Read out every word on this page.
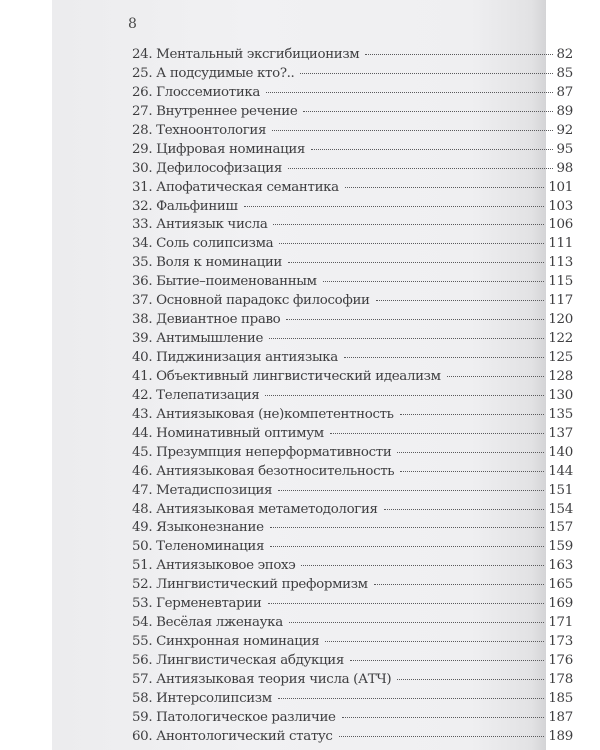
8
24. Ментальный эксгибиционизм	82
25. А подсудимые кто?..	85
26. Глоссемиотика	87
27. Внутреннее речение	89
28. Техноонтология	92
29. Цифровая номинация	95
30. Дефилософизация	98
31. Апофатическая семантика	101
32. Фальфиниш	103
33. Антиязык числа	106
34. Соль солипсизма	111
35. Воля к номинации	113
36. Бытие–поименованным	115
37. Основной парадокс философии	117
38. Девиантное право	120
39. Антимышление	122
40. Пиджинизация антиязыка	125
41. Объективный лингвистический идеализм	128
42. Телепатизация	130
43. Антиязыковая (не)компетентность	135
44. Номинативный оптимум	137
45. Презумпция неперформативности	140
46. Антиязыковая безотносительность	144
47. Метадиспозиция	151
48. Антиязыковая метаметодология	154
49. Языконезнание	157
50. Теленоминация	159
51. Антиязыковое эпохэ	163
52. Лингвистический преформизм	165
53. Герменевтарии	169
54. Весёлая лженаука	171
55. Синхронная номинация	173
56. Лингвистическая абдукция	176
57. Антиязыковая теория числа (АТЧ)	178
58. Интерсолипсизм	185
59. Патологическое различие	187
60. Анонтологический статус	189
